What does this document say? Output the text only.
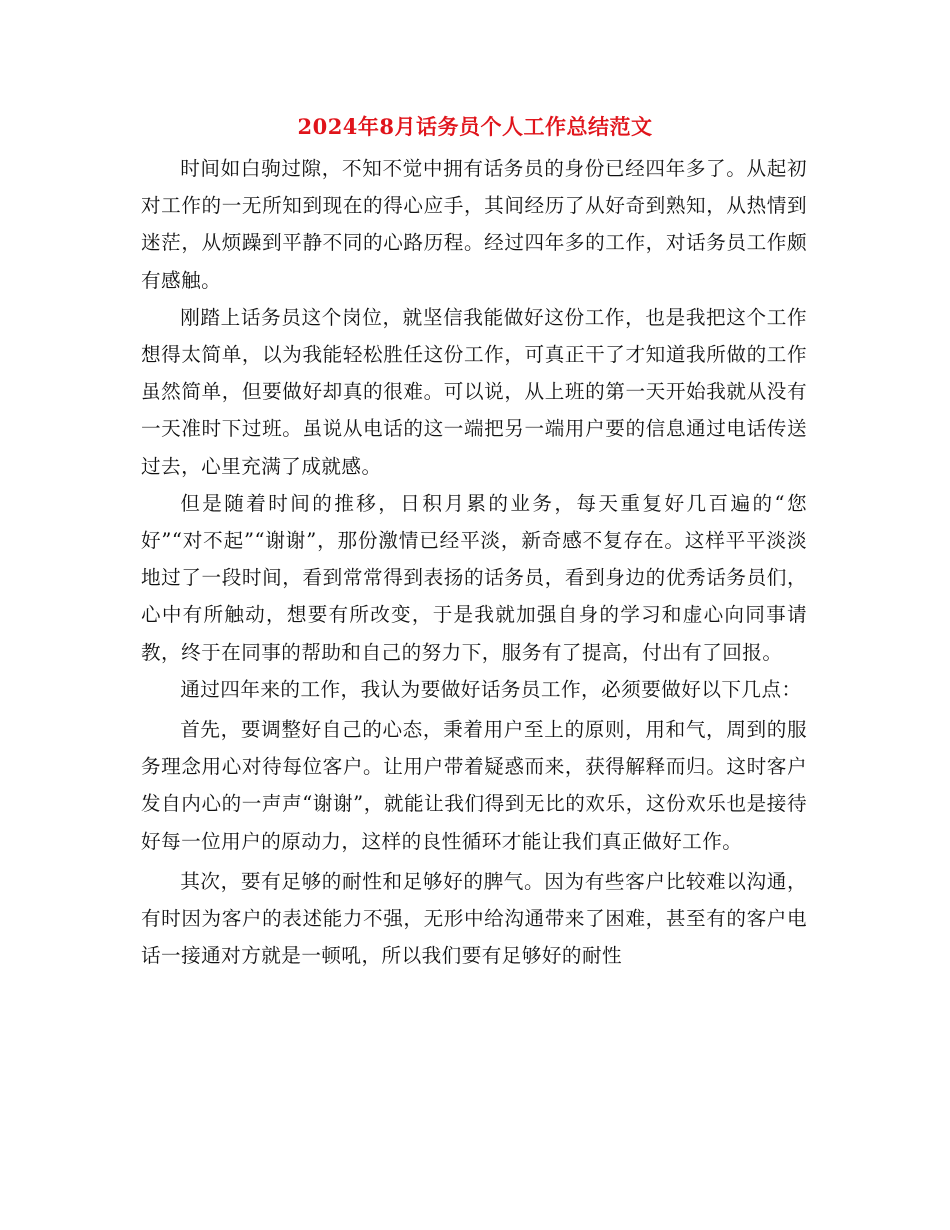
2024年8月话务员个人工作总结范文

时间如白驹过隙，不知不觉中拥有话务员的身份已经四年多了。从起初对工作的一无所知到现在的得心应手，其间经历了从好奇到熟知，从热情到迷茫，从烦躁到平静不同的心路历程。经过四年多的工作，对话务员工作颇有感触。

刚踏上话务员这个岗位，就坚信我能做好这份工作，也是我把这个工作想得太简单，以为我能轻松胜任这份工作，可真正干了才知道我所做的工作虽然简单，但要做好却真的很难。可以说，从上班的第一天开始我就从没有一天准时下过班。虽说从电话的这一端把另一端用户要的信息通过电话传送过去，心里充满了成就感。

但是随着时间的推移，日积月累的业务，每天重复好几百遍的“您好”“对不起”“谢谢”，那份激情已经平淡，新奇感不复存在。这样平平淡淡地过了一段时间，看到常常得到表扬的话务员，看到身边的优秀话务员们，心中有所触动，想要有所改变，于是我就加强自身的学习和虚心向同事请教，终于在同事的帮助和自己的努力下，服务有了提高，付出有了回报。

通过四年来的工作，我认为要做好话务员工作，必须要做好以下几点：

首先，要调整好自己的心态，秉着用户至上的原则，用和气，周到的服务理念用心对待每位客户。让用户带着疑惑而来，获得解释而归。这时客户发自内心的一声声“谢谢”，就能让我们得到无比的欢乐，这份欢乐也是接待好每一位用户的原动力，这样的良性循环才能让我们真正做好工作。

其次，要有足够的耐性和足够好的脾气。因为有些客户比较难以沟通，有时因为客户的表述能力不强，无形中给沟通带来了困难，甚至有的客户电话一接通对方就是一顿吼，所以我们要有足够好的耐性
